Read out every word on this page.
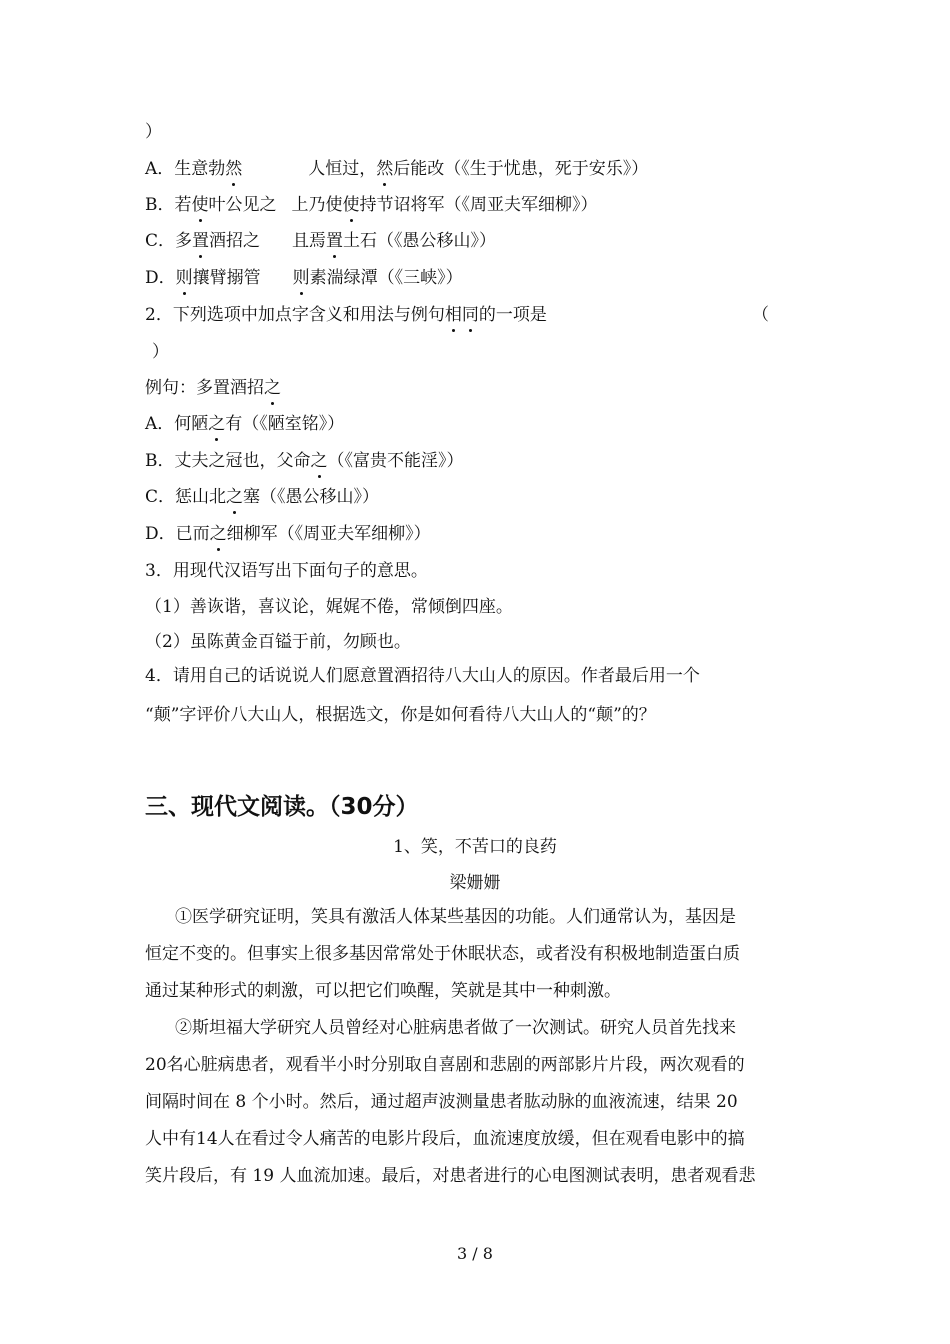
）
A．生意勃然	人恒过，然后能改（《生于忧患，死于安乐》）
B．若使叶公见之 上乃使使持节诏将军（《周亚夫军细柳》）
C．多置酒招之 且焉置土石（《愚公移山》）
D．则攘臂搦管 则素湍绿潭（《三峡》）
2．下列选项中加点字含义和用法与例句相同的一项是	（
）
例句：多置酒招之
A．何陋之有（《陋室铭》）
B．丈夫之冠也，父命之（《富贵不能淫》）
C．惩山北之塞（《愚公移山》）
D．已而之细柳军（《周亚夫军细柳》）
3．用现代汉语写出下面句子的意思。
（1）善诙谐，喜议论，娓娓不倦，常倾倒四座。
（2）虽陈黄金百镒于前，勿顾也。
4．请用自己的话说说人们愿意置酒招待八大山人的原因。作者最后用一个
“颠”字评价八大山人，根据选文，你是如何看待八大山人的“颠”的？
三、现代文阅读。（30分）
1、笑，不苦口的良药
梁姗姗
①医学研究证明，笑具有激活人体某些基因的功能。人们通常认为，基因是
恒定不变的。但事实上很多基因常常处于休眠状态，或者没有积极地制造蛋白质
通过某种形式的刺激，可以把它们唤醒，笑就是其中一种刺激。
②斯坦福大学研究人员曾经对心脏病患者做了一次测试。研究人员首先找来
20名心脏病患者，观看半小时分别取自喜剧和悲剧的两部影片片段，两次观看的
间隔时间在 8 个小时。然后，通过超声波测量患者肱动脉的血液流速，结果 20
人中有14人在看过令人痛苦的电影片段后，血流速度放缓，但在观看电影中的搞
笑片段后，有 19 人血流加速。最后，对患者进行的心电图测试表明，患者观看悲
3 / 8
